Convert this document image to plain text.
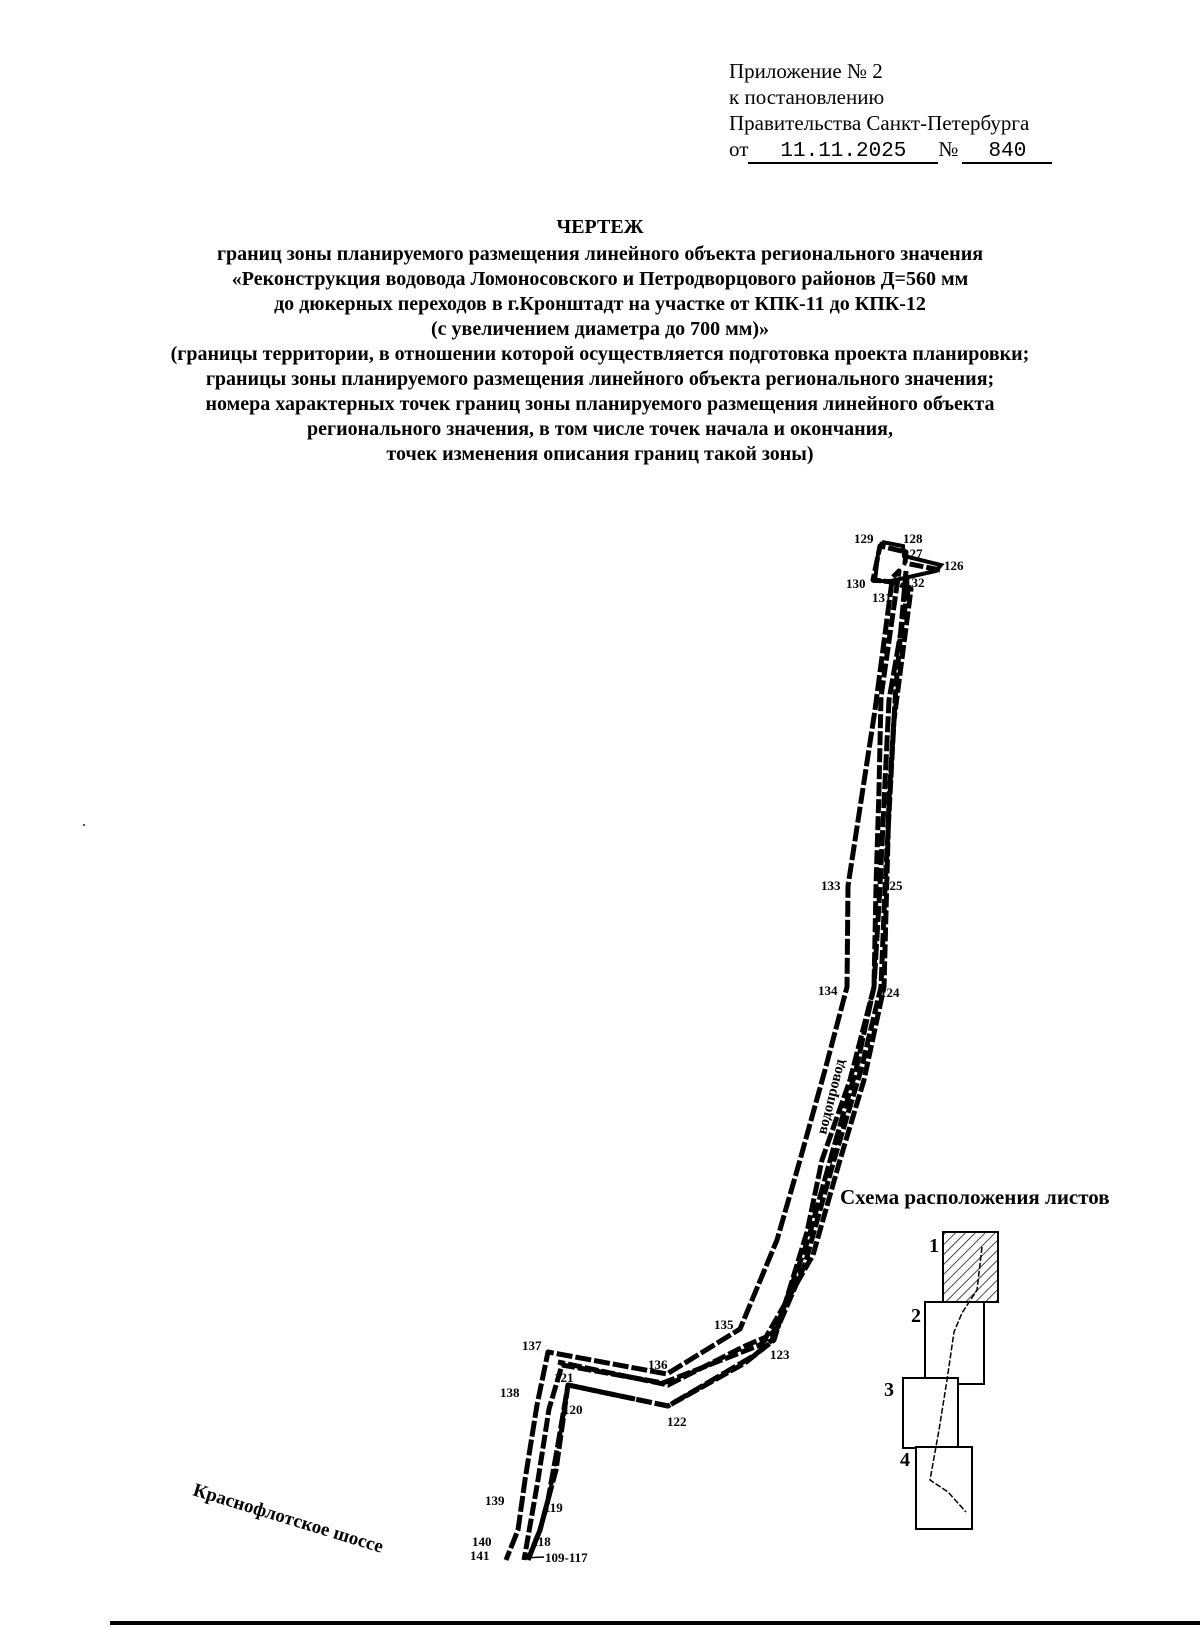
Приложение № 2
к постановлению
Правительства Санкт-Петербурга
от 11.11.2025 № 840
ЧЕРТЕЖ
границ зоны планируемого размещения линейного объекта регионального значения
«Реконструкция водовода Ломоносовского и Петродворцового районов Д=560 мм
до дюкерных переходов в г.Кронштадт на участке от КПК-11 до КПК-12
(с увеличением диаметра до 700 мм)»
(границы территории, в отношении которой осуществляется подготовка проекта планировки;
границы зоны планируемого размещения линейного объекта регионального значения;
номера характерных точек границ зоны планируемого размещения линейного объекта
регионального значения, в том числе точек начала и окончания,
точек изменения описания границ такой зоны)
129 128
127
126
130
131
132
133	125
134	124
135
123
137
136
121
138
120
122
139	119
140	118
141	109-117
водопровод
Краснофлотское шоссе
1
2
3
4
Схема расположения листов
